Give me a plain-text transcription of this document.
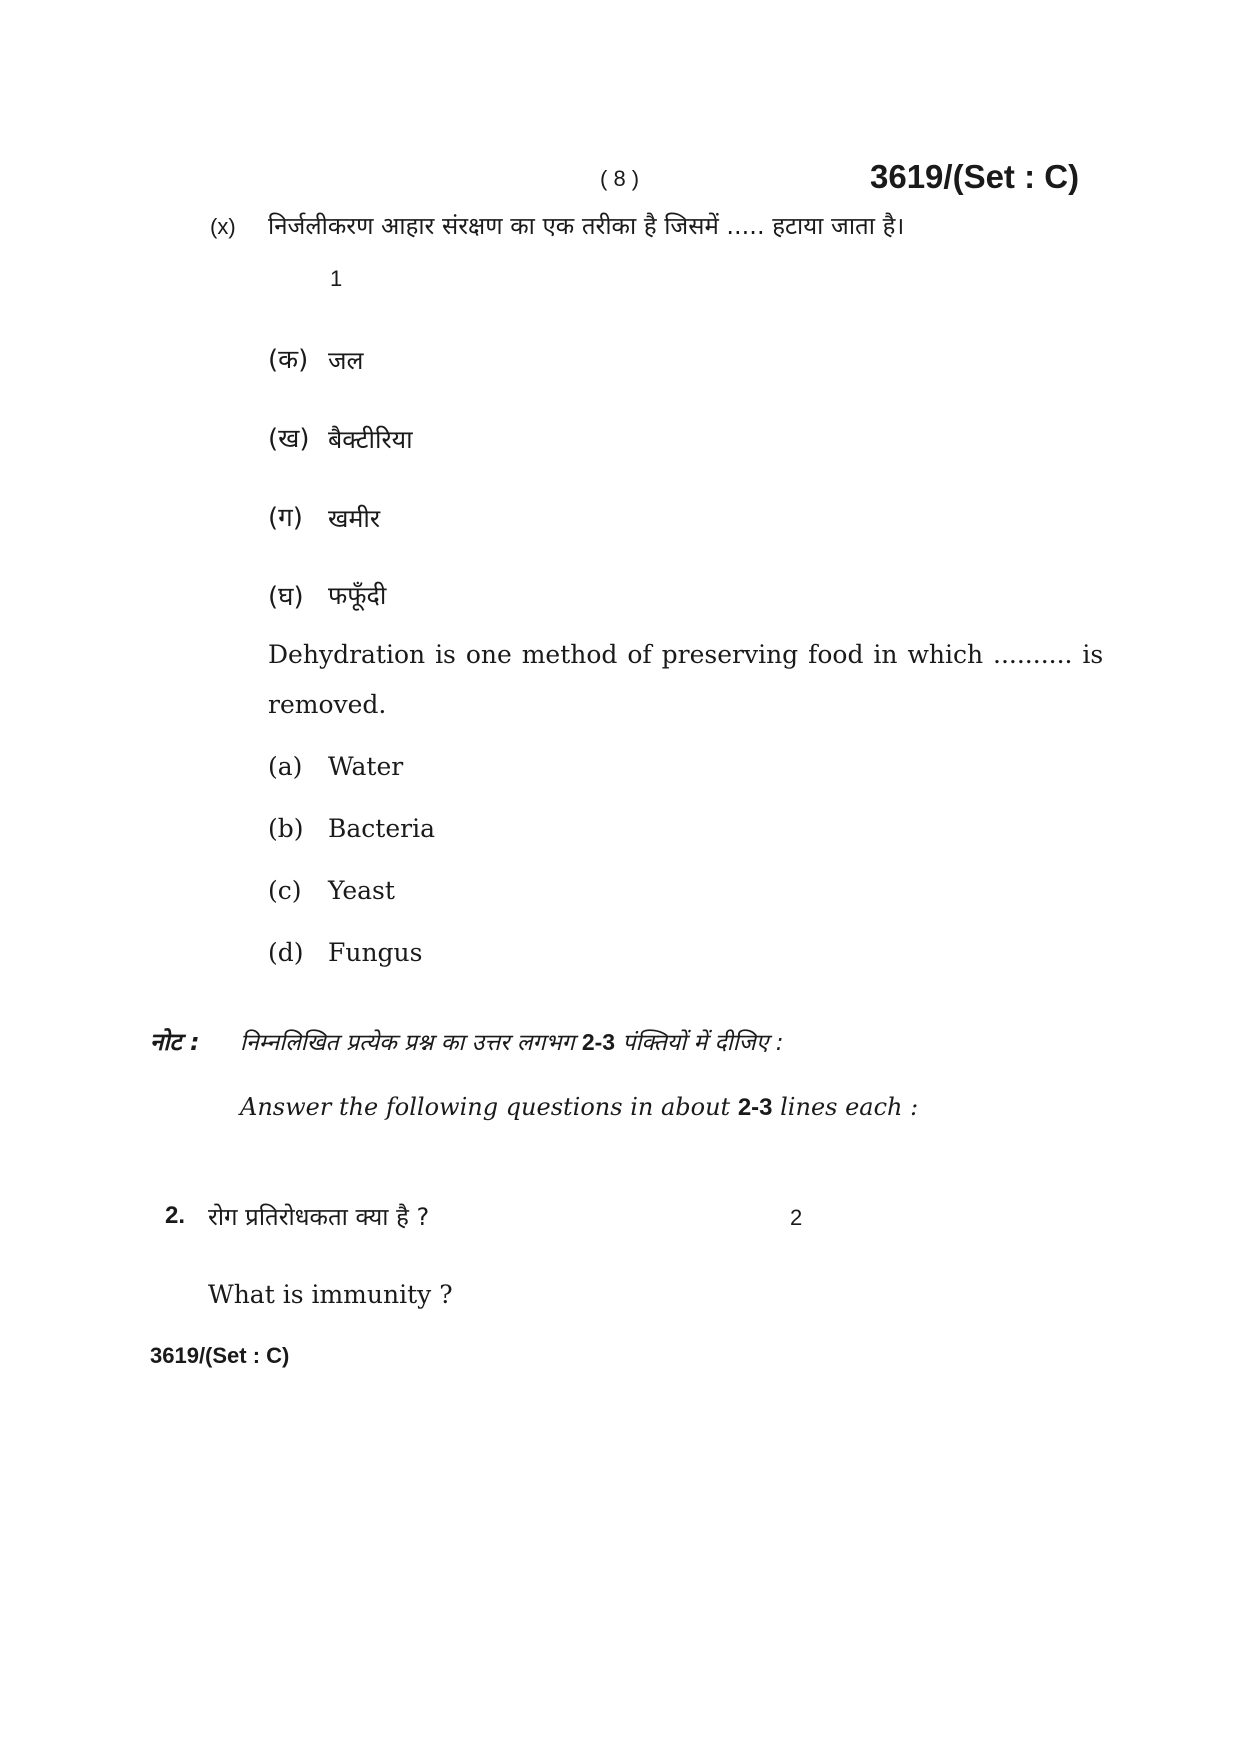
( 8 )	3619/(Set : C)
(x) निर्जलीकरण आहार संरक्षण का एक तरीका है जिसमें ..... हटाया जाता है।
1
(क) जल
(ख) बैक्टीरिया
(ग) खमीर
(घ) फफूँदी
Dehydration is one method of preserving food in which .......... is
removed.
(a) Water
(b) Bacteria
(c) Yeast
(d) Fungus
नोट : निम्नलिखित प्रत्येक प्रश्न का उत्तर लगभग 2-3 पंक्तियों में दीजिए :
Answer the following questions in about 2-3 lines each :
2. रोग प्रतिरोधकता क्या है ?	2
What is immunity ?
3619/(Set : C)
